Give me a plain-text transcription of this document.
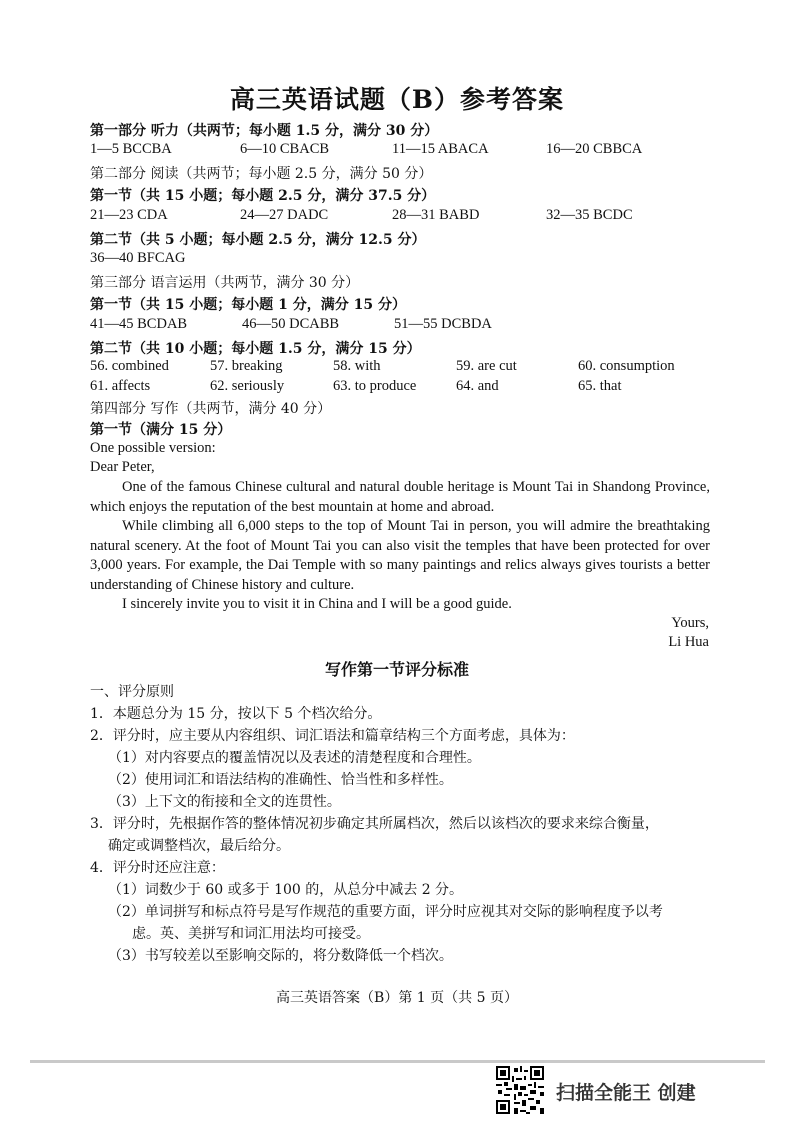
高三英语试题（B）参考答案
第一部分 听力（共两节；每小题 1.5 分，满分 30 分）
1—5 BCCBA	6—10 CBACB	11—15 ABACA	16—20 CBBCA
第二部分 阅读（共两节；每小题 2.5 分，满分 50 分）
第一节（共 15 小题；每小题 2.5 分，满分 37.5 分）
21—23 CDA	24—27 DADC	28—31 BABD	32—35 BCDC
第二节（共 5 小题；每小题 2.5 分，满分 12.5 分）
36—40 BFCAG
第三部分 语言运用（共两节，满分 30 分）
第一节（共 15 小题；每小题 1 分，满分 15 分）
41—45 BCDAB	46—50 DCABB	51—55 DCBDA
第二节（共 10 小题；每小题 1.5 分，满分 15 分）
56. combined	57. breaking	58. with	59. are cut	60. consumption
61. affects	62. seriously	63. to produce	64. and	65. that
第四部分 写作（共两节，满分 40 分）
第一节（满分 15 分）
One possible version:
Dear Peter,
One of the famous Chinese cultural and natural double heritage is Mount Tai in Shandong Province, which enjoys the reputation of the best mountain at home and abroad.
While climbing all 6,000 steps to the top of Mount Tai in person, you will admire the breathtaking natural scenery. At the foot of Mount Tai you can also visit the temples that have been protected for over 3,000 years. For example, the Dai Temple with so many paintings and relics always gives tourists a better understanding of Chinese history and culture.
I sincerely invite you to visit it in China and I will be a good guide.
Yours,
Li Hua
写作第一节评分标准
一、评分原则
1．本题总分为 15 分，按以下 5 个档次给分。
2．评分时，应主要从内容组织、词汇语法和篇章结构三个方面考虑，具体为：
（1）对内容要点的覆盖情况以及表述的清楚程度和合理性。
（2）使用词汇和语法结构的准确性、恰当性和多样性。
（3）上下文的衔接和全文的连贯性。
3．评分时，先根据作答的整体情况初步确定其所属档次，然后以该档次的要求来综合衡量，
确定或调整档次，最后给分。
4．评分时还应注意：
（1）词数少于 60 或多于 100 的，从总分中减去 2 分。
（2）单词拼写和标点符号是写作规范的重要方面，评分时应视其对交际的影响程度予以考
虑。英、美拼写和词汇用法均可接受。
（3）书写较差以至影响交际的，将分数降低一个档次。
高三英语答案（B）第 1 页（共 5 页）
扫描全能王 创建
